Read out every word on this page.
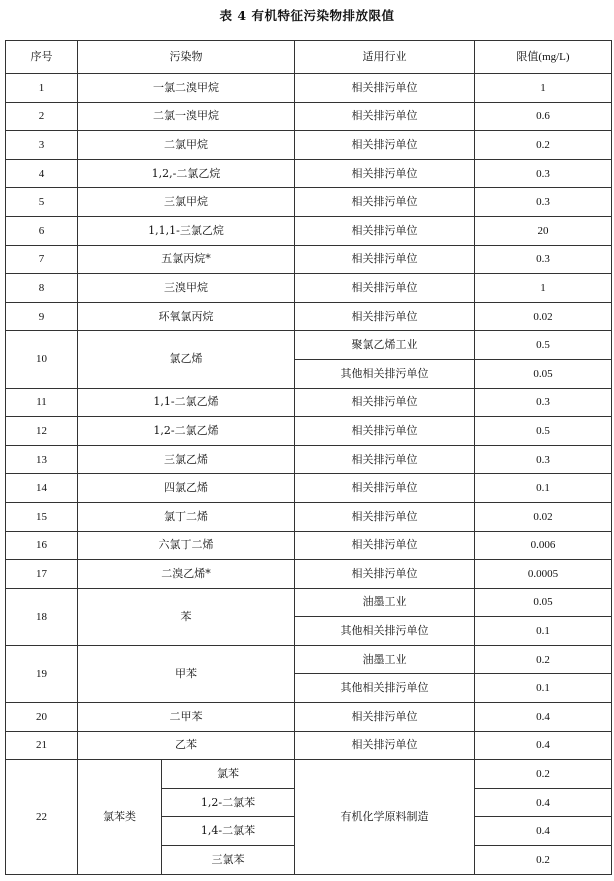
表 4 有机特征污染物排放限值
序号	污染物		适用行业	限值(mg/L)
1	一氯二溴甲烷		相关排污单位	1
2	二氯一溴甲烷		相关排污单位	0.6
3	二氯甲烷		相关排污单位	0.2
4	1,2,-二氯乙烷		相关排污单位	0.3
5	三氯甲烷		相关排污单位	0.3
6	1,1,1-三氯乙烷		相关排污单位	20
7	五氯丙烷*		相关排污单位	0.3
8	三溴甲烷		相关排污单位	1
9	环氧氯丙烷		相关排污单位	0.02
10	氯乙烯		聚氯乙烯工业	0.5
			其他相关排污单位	0.05
11	1,1-二氯乙烯		相关排污单位	0.3
12	1,2-二氯乙烯		相关排污单位	0.5
13	三氯乙烯		相关排污单位	0.3
14	四氯乙烯		相关排污单位	0.1
15	氯丁二烯		相关排污单位	0.02
16	六氯丁二烯		相关排污单位	0.006
17	二溴乙烯*		相关排污单位	0.0005
18	苯		油墨工业	0.05
			其他相关排污单位	0.1
19	甲苯		油墨工业	0.2
			其他相关排污单位	0.1
20	二甲苯		相关排污单位	0.4
21	乙苯		相关排污单位	0.4
22	氯苯类	氯苯	有机化学原料制造	0.2
		1,2-二氯苯		0.4
		1,4-二氯苯		0.4
		三氯苯		0.2
